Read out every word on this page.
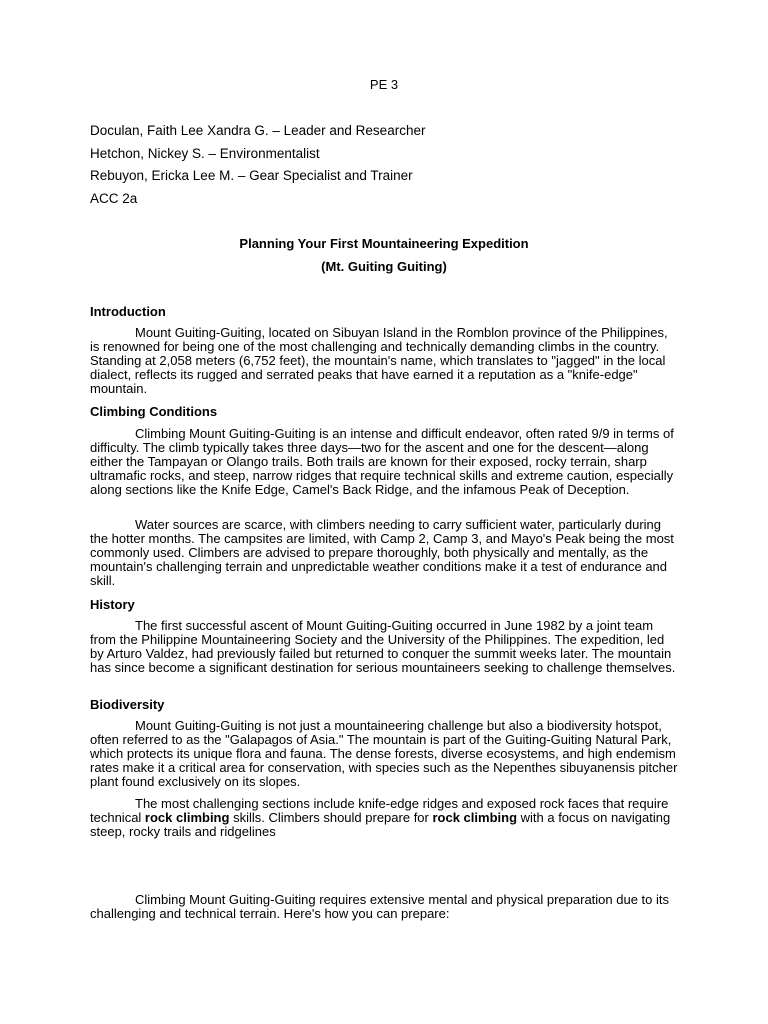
PE 3
Doculan, Faith Lee Xandra G. – Leader and Researcher
Hetchon, Nickey S. – Environmentalist
Rebuyon, Ericka Lee M. – Gear Specialist and Trainer
ACC 2a
Planning Your First Mountaineering Expedition
(Mt. Guiting Guiting)
Introduction

Mount Guiting-Guiting, located on Sibuyan Island in the Romblon province of the Philippines, is renowned for being one of the most challenging and technically demanding climbs in the country. Standing at 2,058 meters (6,752 feet), the mountain's name, which translates to "jagged" in the local dialect, reflects its rugged and serrated peaks that have earned it a reputation as a "knife-edge" mountain.

Climbing Conditions

Climbing Mount Guiting-Guiting is an intense and difficult endeavor, often rated 9/9 in terms of difficulty. The climb typically takes three days—two for the ascent and one for the descent—along either the Tampayan or Olango trails. Both trails are known for their exposed, rocky terrain, sharp ultramafic rocks, and steep, narrow ridges that require technical skills and extreme caution, especially along sections like the Knife Edge, Camel's Back Ridge, and the infamous Peak of Deception.

Water sources are scarce, with climbers needing to carry sufficient water, particularly during the hotter months. The campsites are limited, with Camp 2, Camp 3, and Mayo's Peak being the most commonly used. Climbers are advised to prepare thoroughly, both physically and mentally, as the mountain's challenging terrain and unpredictable weather conditions make it a test of endurance and skill.

History

The first successful ascent of Mount Guiting-Guiting occurred in June 1982 by a joint team from the Philippine Mountaineering Society and the University of the Philippines. The expedition, led by Arturo Valdez, had previously failed but returned to conquer the summit weeks later. The mountain has since become a significant destination for serious mountaineers seeking to challenge themselves.

Biodiversity

Mount Guiting-Guiting is not just a mountaineering challenge but also a biodiversity hotspot, often referred to as the "Galapagos of Asia." The mountain is part of the Guiting-Guiting Natural Park, which protects its unique flora and fauna. The dense forests, diverse ecosystems, and high endemism rates make it a critical area for conservation, with species such as the Nepenthes sibuyanensis pitcher plant found exclusively on its slopes.

The most challenging sections include knife-edge ridges and exposed rock faces that require technical rock climbing skills. Climbers should prepare for rock climbing with a focus on navigating steep, rocky trails and ridgelines

Climbing Mount Guiting-Guiting requires extensive mental and physical preparation due to its challenging and technical terrain. Here's how you can prepare:
